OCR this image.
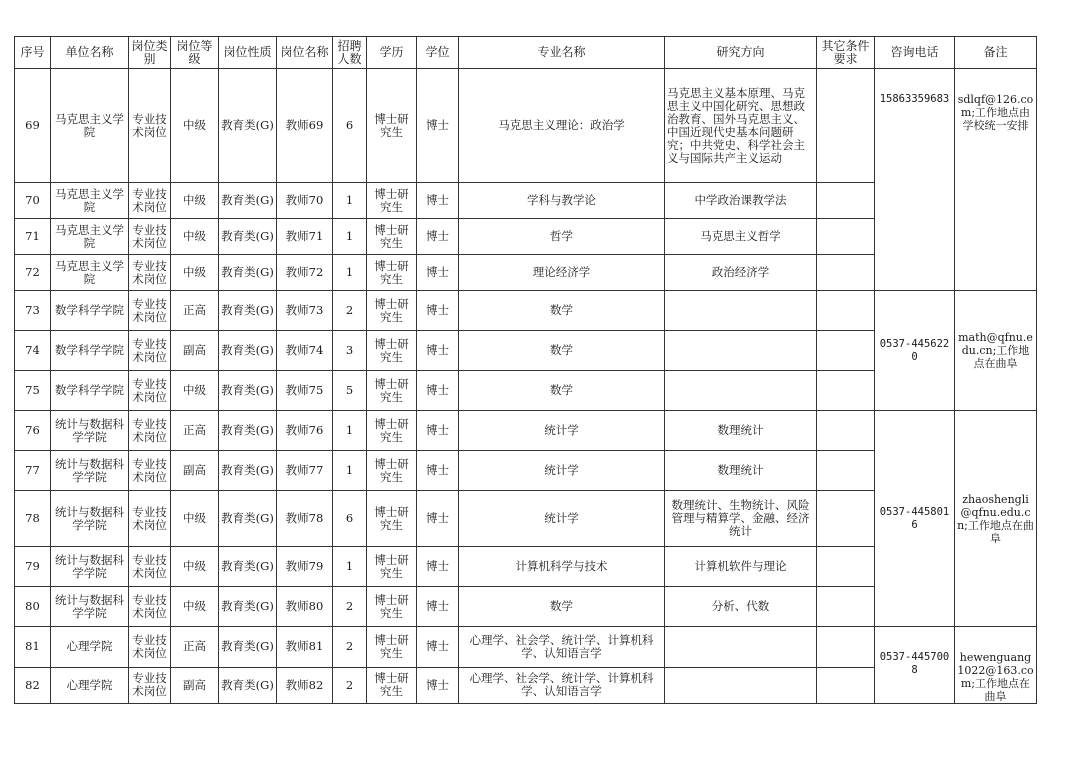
序号	单位名称	岗位类别	岗位等级	岗位性质	岗位名称	招聘人数	学历	学位	专业名称	研究方向	其它条件要求	咨询电话	备注
69	马克思主义学院	专业技术岗位	中级	教育类(G)	教师69	6	博士研究生	博士	马克思主义理论：政治学	马克思主义基本原理、马克思主义中国化研究、思想政治教育、国外马克思主义、中国近现代史基本问题研究；中共党史、科学社会主义与国际共产主义运动		15863359683	sdlqf@126.com;工作地点由学校统一安排
70	马克思主义学院	专业技术岗位	中级	教育类(G)	教师70	1	博士研究生	博士	学科与教学论	中学政治课教学法			
71	马克思主义学院	专业技术岗位	中级	教育类(G)	教师71	1	博士研究生	博士	哲学	马克思主义哲学			
72	马克思主义学院	专业技术岗位	中级	教育类(G)	教师72	1	博士研究生	博士	理论经济学	政治经济学			
73	数学科学学院	专业技术岗位	正高	教育类(G)	教师73	2	博士研究生	博士	数学			0537-4456220	math@qfnu.edu.cn;工作地点在曲阜
74	数学科学学院	专业技术岗位	副高	教育类(G)	教师74	3	博士研究生	博士	数学				
75	数学科学学院	专业技术岗位	中级	教育类(G)	教师75	5	博士研究生	博士	数学				
76	统计与数据科学学院	专业技术岗位	正高	教育类(G)	教师76	1	博士研究生	博士	统计学	数理统计		0537-4458016	zhaoshengli@qfnu.edu.cn;工作地点在曲阜
77	统计与数据科学学院	专业技术岗位	副高	教育类(G)	教师77	1	博士研究生	博士	统计学	数理统计			
78	统计与数据科学学院	专业技术岗位	中级	教育类(G)	教师78	6	博士研究生	博士	统计学	数理统计、生物统计、风险管理与精算学、金融、经济统计			
79	统计与数据科学学院	专业技术岗位	中级	教育类(G)	教师79	1	博士研究生	博士	计算机科学与技术	计算机软件与理论			
80	统计与数据科学学院	专业技术岗位	中级	教育类(G)	教师80	2	博士研究生	博士	数学	分析、代数			
81	心理学院	专业技术岗位	正高	教育类(G)	教师81	2	博士研究生	博士	心理学、社会学、统计学、计算机科学、认知语言学			0537-4457008	hewenguang1022@163.com;工作地点在曲阜
82	心理学院	专业技术岗位	副高	教育类(G)	教师82	2	博士研究生	博士	心理学、社会学、统计学、计算机科学、认知语言学				
